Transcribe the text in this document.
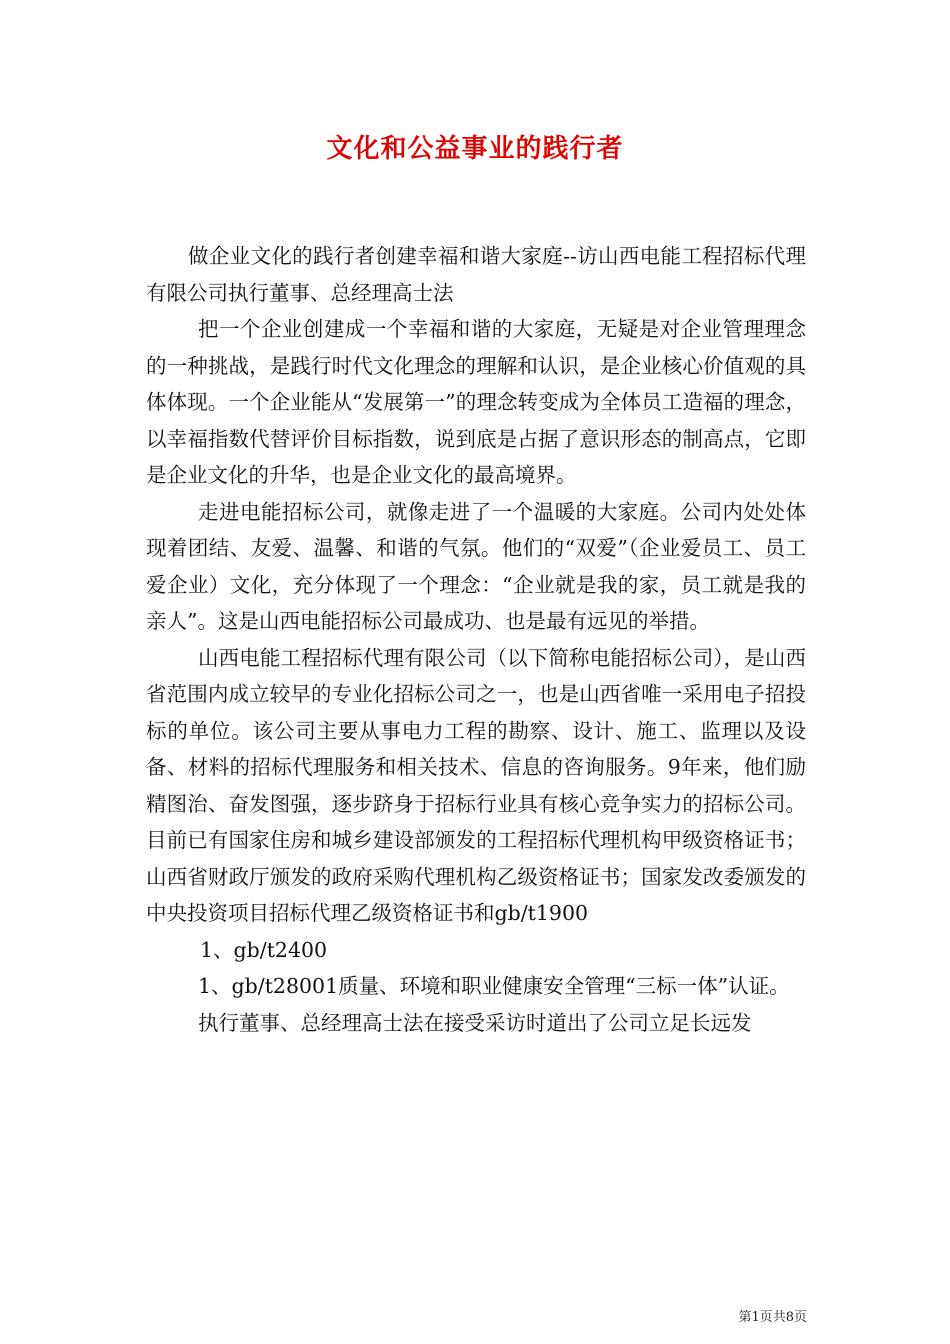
文化和公益事业的践行者

做企业文化的践行者创建幸福和谐大家庭--访山西电能工程招标代理有限公司执行董事、总经理高士法

把一个企业创建成一个幸福和谐的大家庭，无疑是对企业管理理念的一种挑战，是践行时代文化理念的理解和认识，是企业核心价值观的具体体现。一个企业能从“发展第一”的理念转变成为全体员工造福的理念，以幸福指数代替评价目标指数，说到底是占据了意识形态的制高点，它即是企业文化的升华，也是企业文化的最高境界。

走进电能招标公司，就像走进了一个温暖的大家庭。公司内处处体现着团结、友爱、温馨、和谐的气氛。他们的“双爱”（企业爱员工、员工爱企业）文化，充分体现了一个理念：“企业就是我的家，员工就是我的亲人”。这是山西电能招标公司最成功、也是最有远见的举措。

山西电能工程招标代理有限公司（以下简称电能招标公司），是山西省范围内成立较早的专业化招标公司之一，也是山西省唯一采用电子招投标的单位。该公司主要从事电力工程的勘察、设计、施工、监理以及设备、材料的招标代理服务和相关技术、信息的咨询服务。9年来，他们励精图治、奋发图强，逐步跻身于招标行业具有核心竞争实力的招标公司。目前已有国家住房和城乡建设部颁发的工程招标代理机构甲级资格证书；山西省财政厅颁发的政府采购代理机构乙级资格证书；国家发改委颁发的中央投资项目招标代理乙级资格证书和gb/t1900

1、gb/t2400

1、gb/t28001质量、环境和职业健康安全管理“三标一体”认证。

执行董事、总经理高士法在接受采访时道出了公司立足长远发

第1页共8页
